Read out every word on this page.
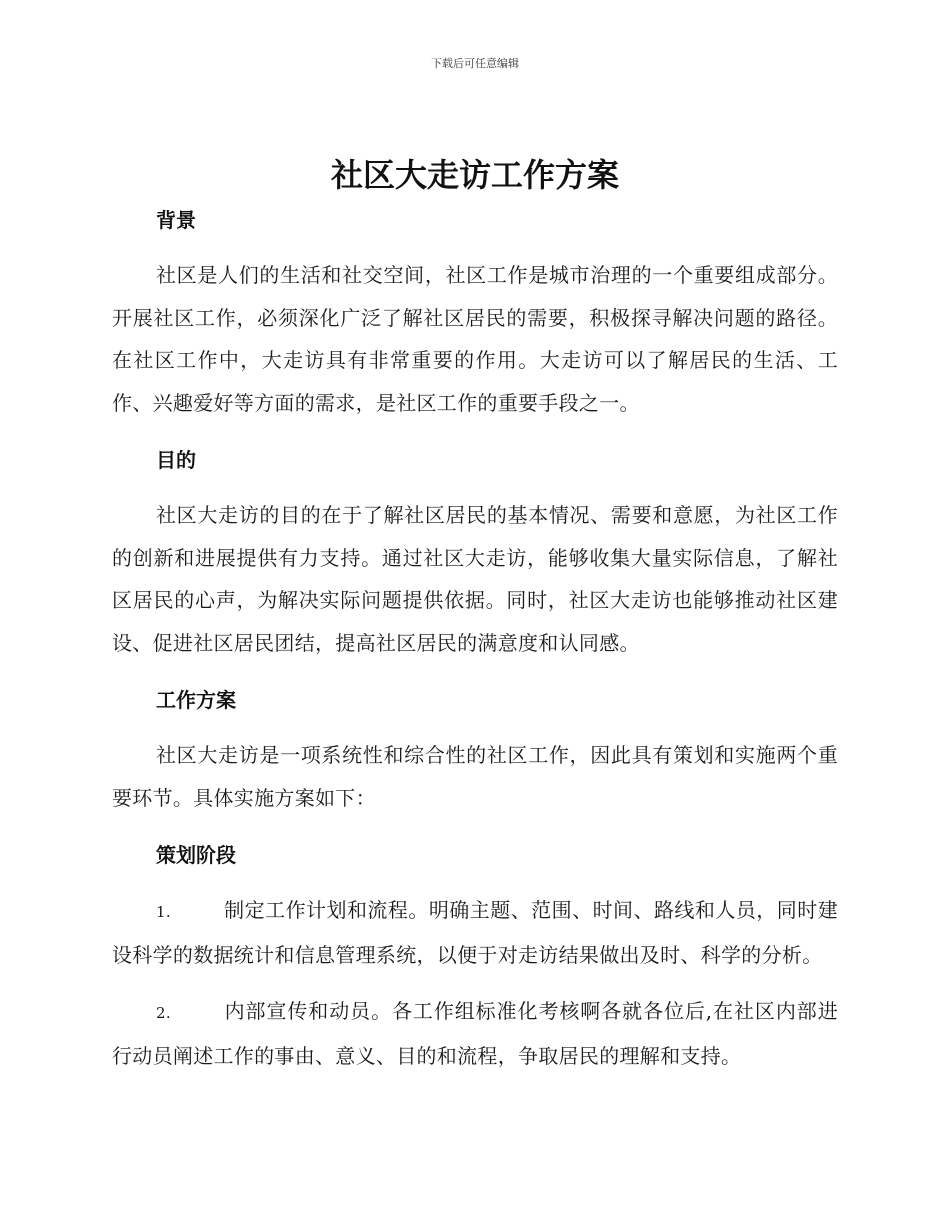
下载后可任意编辑
社区大走访工作方案

背景

社区是人们的生活和社交空间，社区工作是城市治理的一个重要组成部分。开展社区工作，必须深化广泛了解社区居民的需要，积极探寻解决问题的路径。在社区工作中，大走访具有非常重要的作用。大走访可以了解居民的生活、工作、兴趣爱好等方面的需求，是社区工作的重要手段之一。

目的

社区大走访的目的在于了解社区居民的基本情况、需要和意愿，为社区工作的创新和进展提供有力支持。通过社区大走访，能够收集大量实际信息，了解社区居民的心声，为解决实际问题提供依据。同时，社区大走访也能够推动社区建设、促进社区居民团结，提高社区居民的满意度和认同感。

工作方案

社区大走访是一项系统性和综合性的社区工作，因此具有策划和实施两个重要环节。具体实施方案如下：

策划阶段

1.	制定工作计划和流程。明确主题、范围、时间、路线和人员，同时建设科学的数据统计和信息管理系统，以便于对走访结果做出及时、科学的分析。

2.	内部宣传和动员。各工作组标准化考核啊各就各位后,在社区内部进行动员阐述工作的事由、意义、目的和流程，争取居民的理解和支持。
